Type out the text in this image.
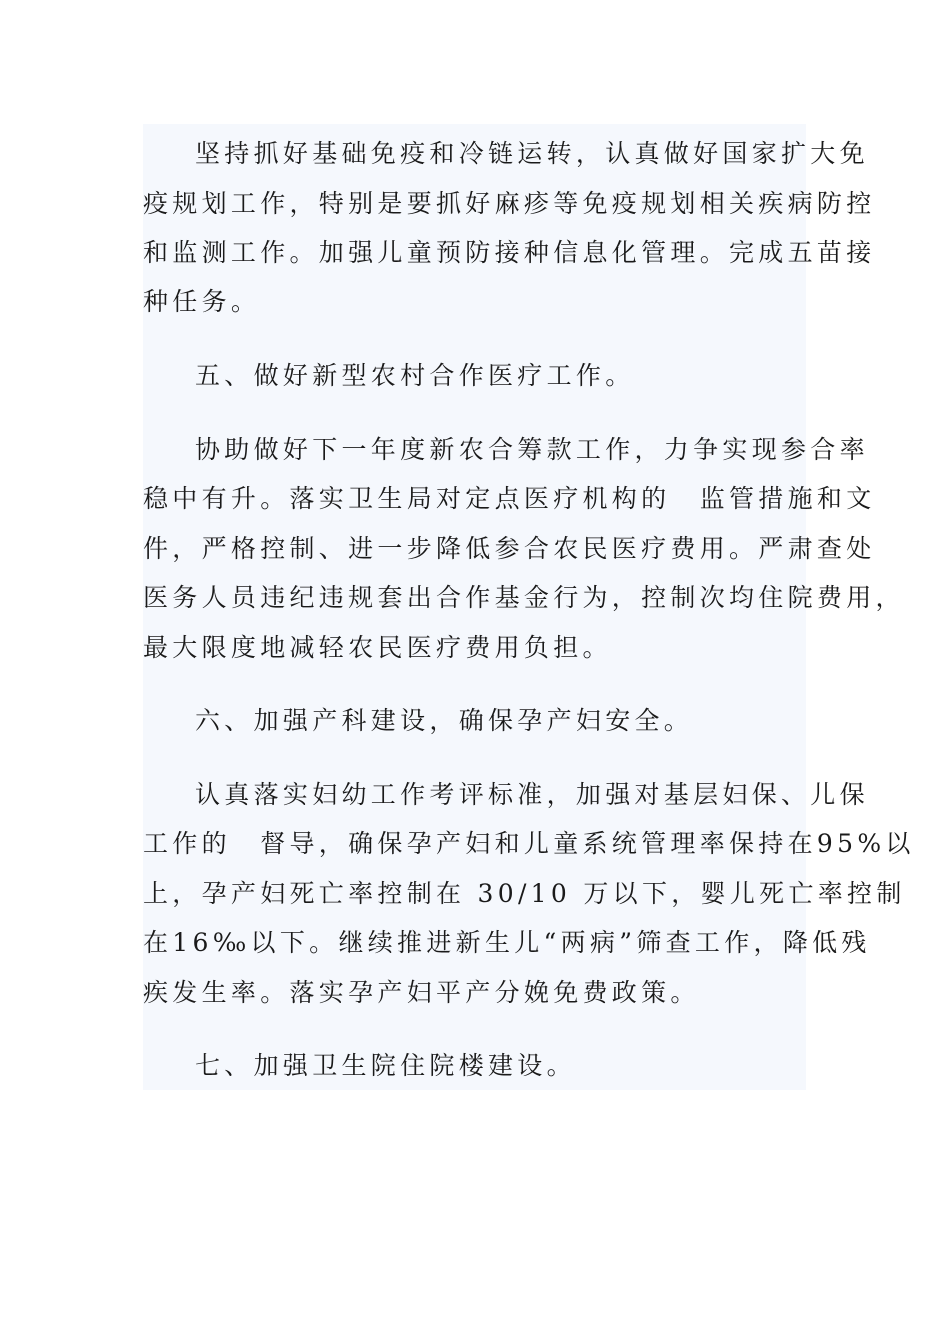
坚持抓好基础免疫和冷链运转，认真做好国家扩大免
疫规划工作，特别是要抓好麻疹等免疫规划相关疾病防控
和监测工作。加强儿童预防接种信息化管理。完成五苗接
种任务。
五、做好新型农村合作医疗工作。
协助做好下一年度新农合筹款工作，力争实现参合率
稳中有升。落实卫生局对定点医疗机构的　监管措施和文
件，严格控制、进一步降低参合农民医疗费用。严肃查处
医务人员违纪违规套出合作基金行为，控制次均住院费用，
最大限度地减轻农民医疗费用负担。
六、加强产科建设，确保孕产妇安全。
认真落实妇幼工作考评标准，加强对基层妇保、儿保
工作的　督导，确保孕产妇和儿童系统管理率保持在95%以
上，孕产妇死亡率控制在 30/10 万以下，婴儿死亡率控制
在16‰以下。继续推进新生儿“两病”筛查工作，降低残
疾发生率。落实孕产妇平产分娩免费政策。
七、加强卫生院住院楼建设。
